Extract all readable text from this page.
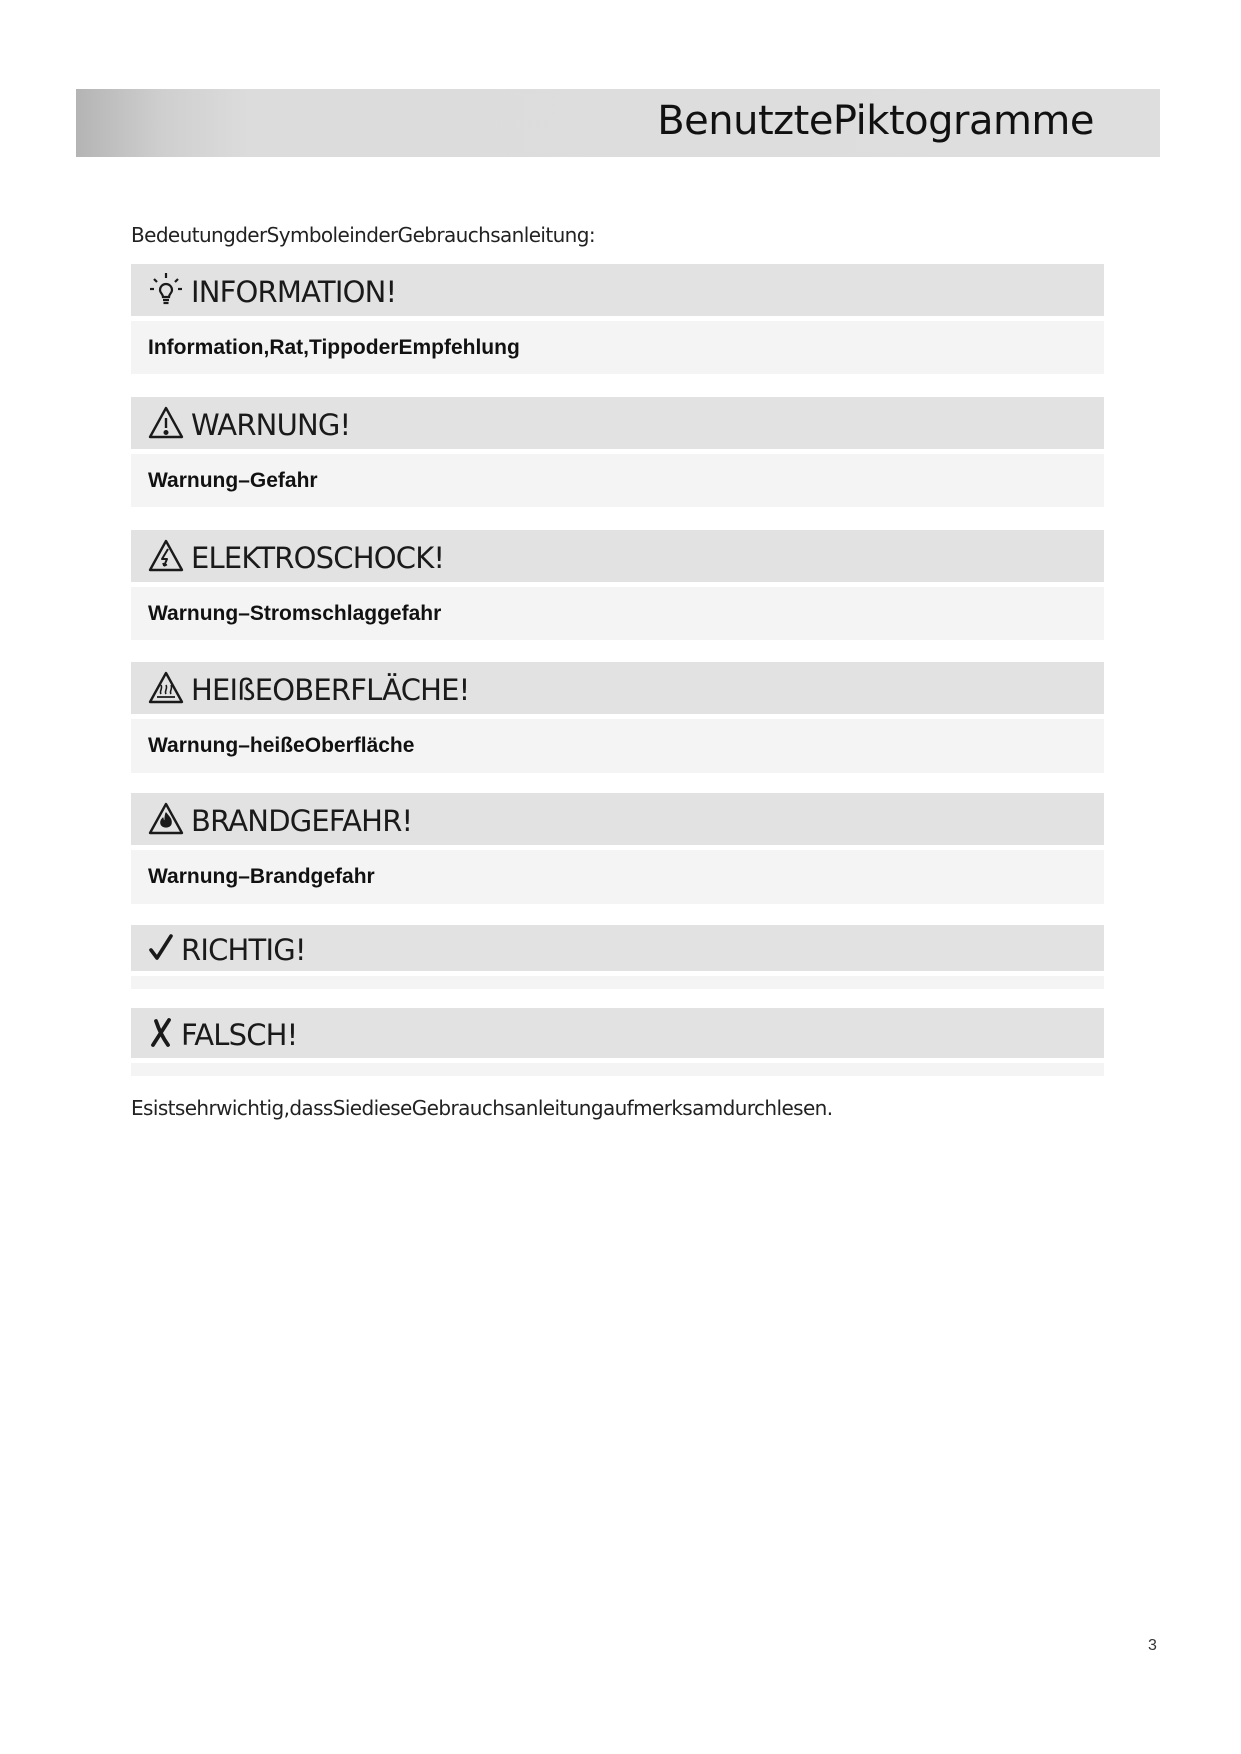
BenutztePiktogramme
BedeutungderSymboleinderGebrauchsanleitung:
INFORMATION!
Information,Rat,TippoderEmpfehlung
WARNUNG!
Warnung–Gefahr
ELEKTROSCHOCK!
Warnung–Stromschlaggefahr
HEIßEOBERFLÄCHE!
Warnung–heißeOberfläche
BRANDGEFAHR!
Warnung–Brandgefahr
RICHTIG!
FALSCH!
Esistsehrwichtig,dassSiedieseGebrauchsanleitungaufmerksamdurchlesen.
3
